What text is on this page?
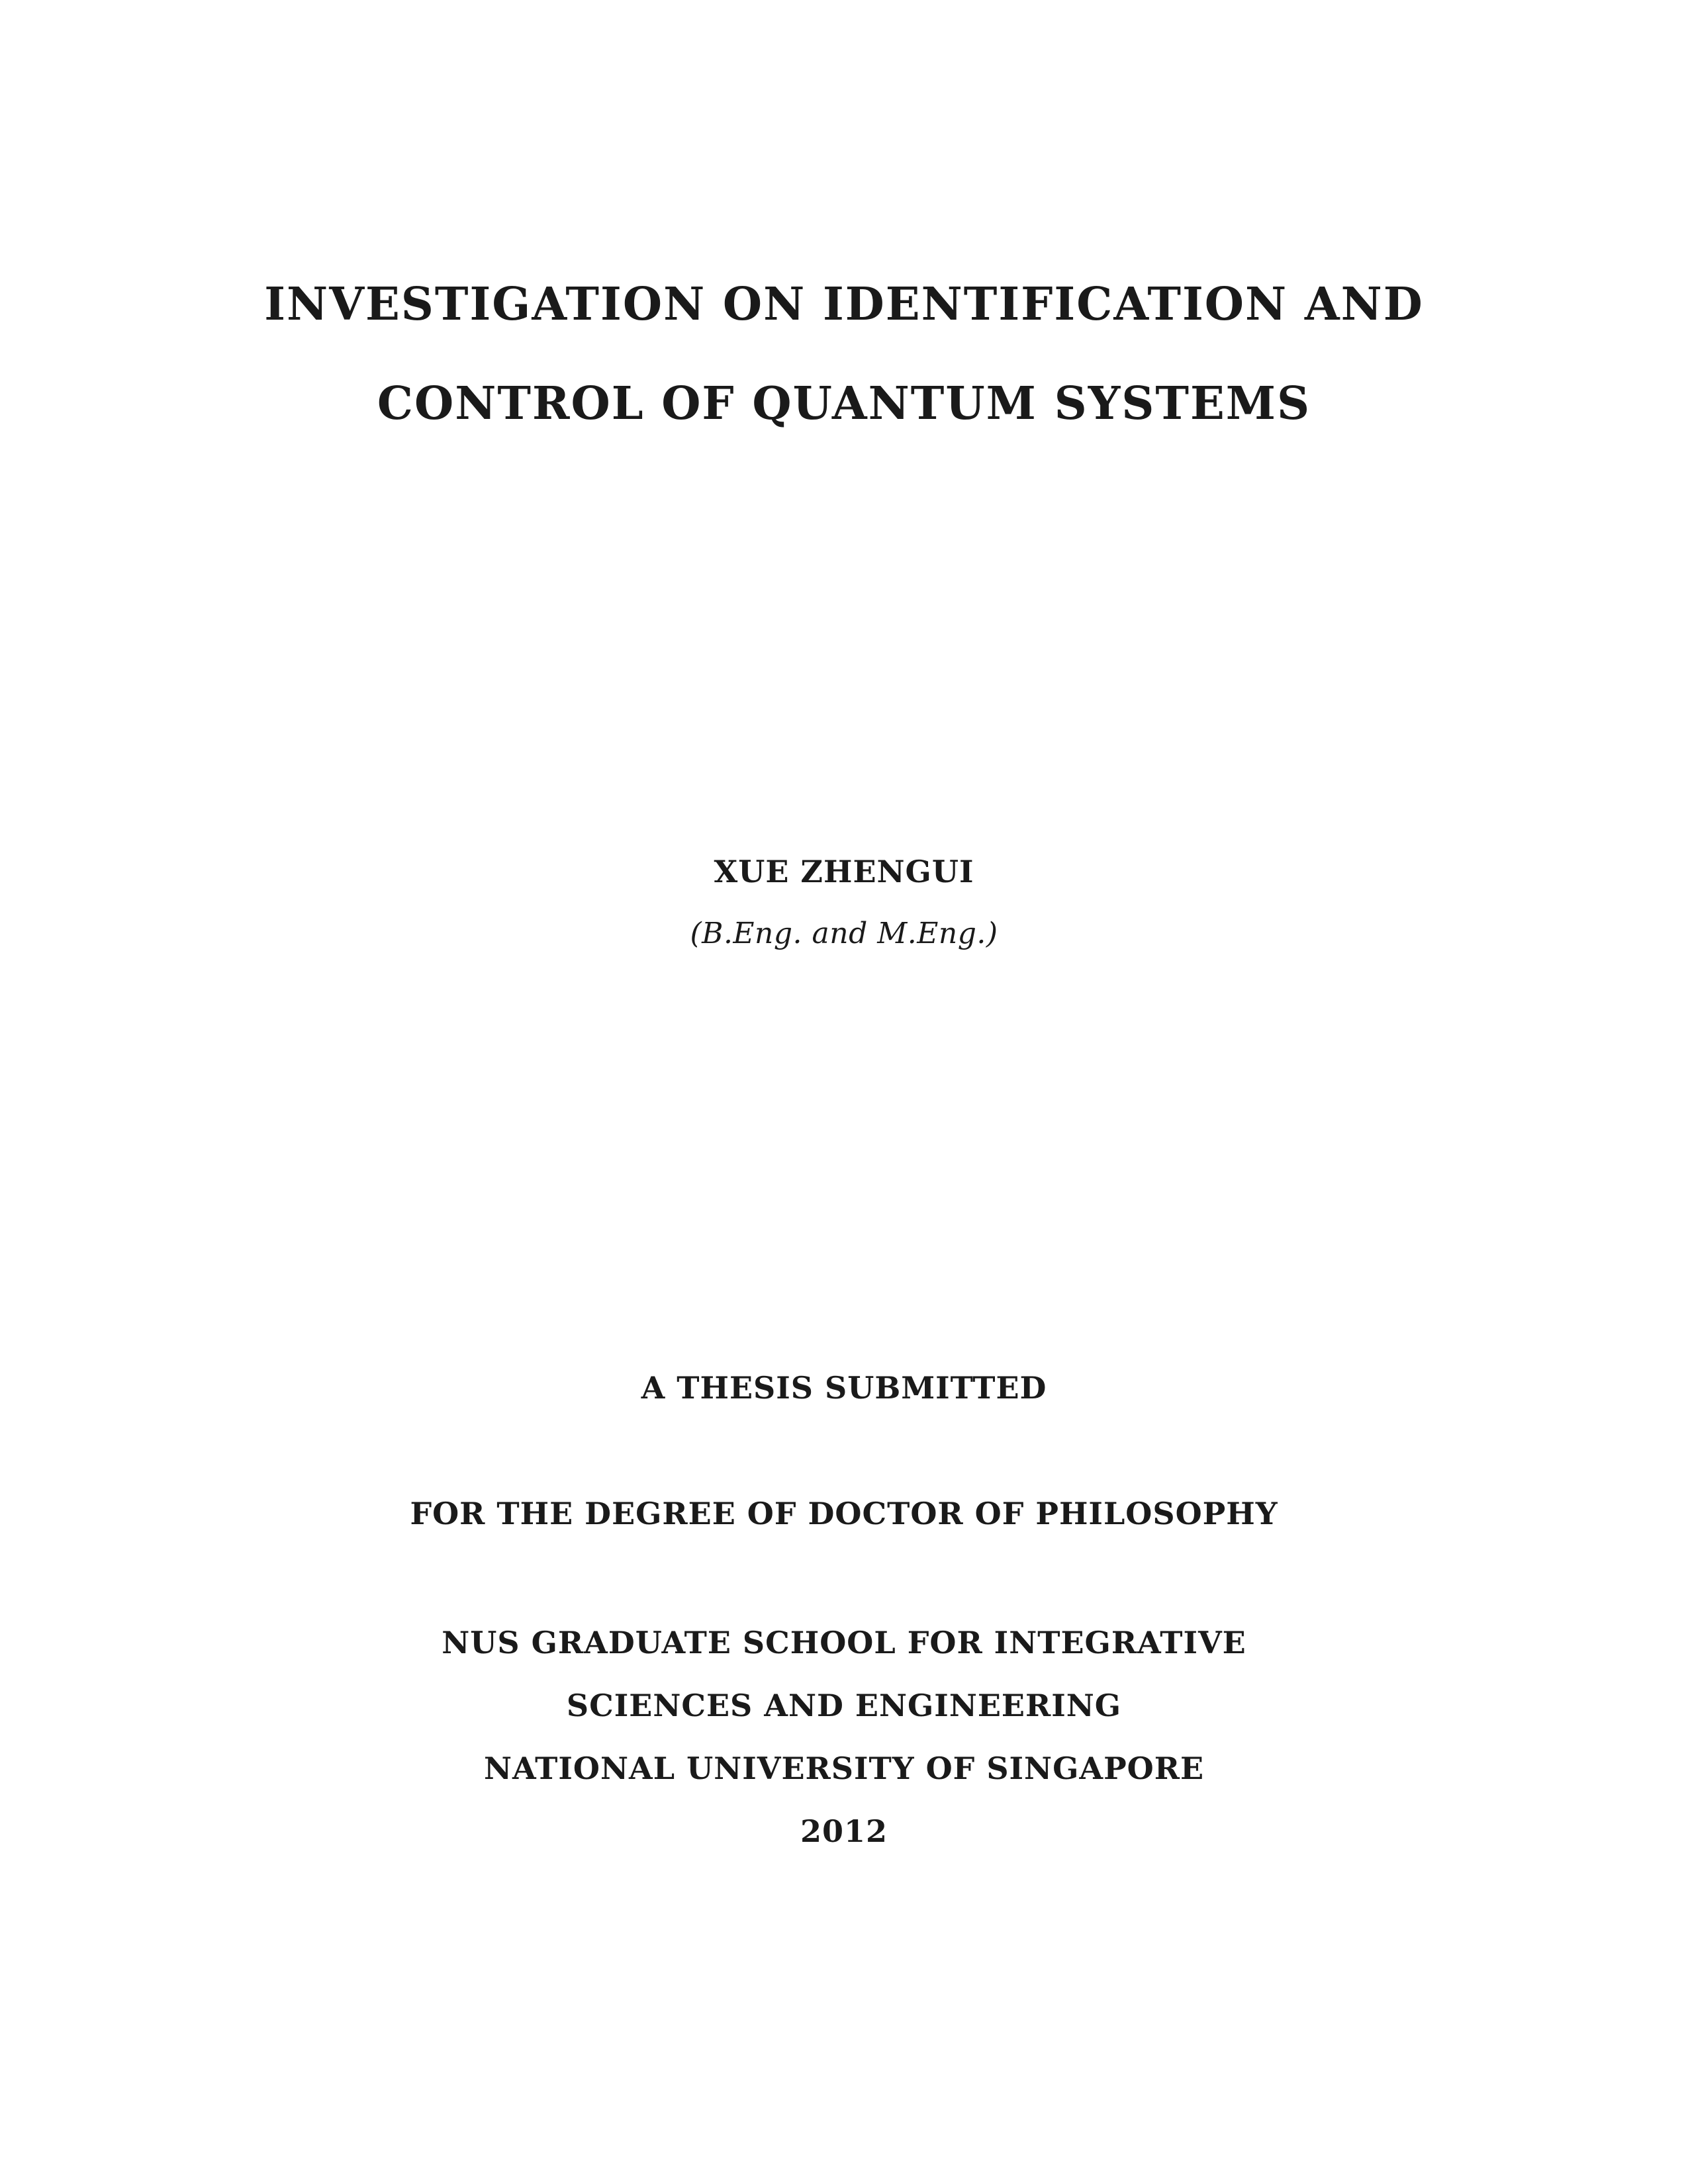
INVESTIGATION ON IDENTIFICATION AND
CONTROL OF QUANTUM SYSTEMS
XUE ZHENGUI
(B.Eng. and M.Eng.)
A THESIS SUBMITTED
FOR THE DEGREE OF DOCTOR OF PHILOSOPHY
NUS GRADUATE SCHOOL FOR INTEGRATIVE
SCIENCES AND ENGINEERING
NATIONAL UNIVERSITY OF SINGAPORE
2012
